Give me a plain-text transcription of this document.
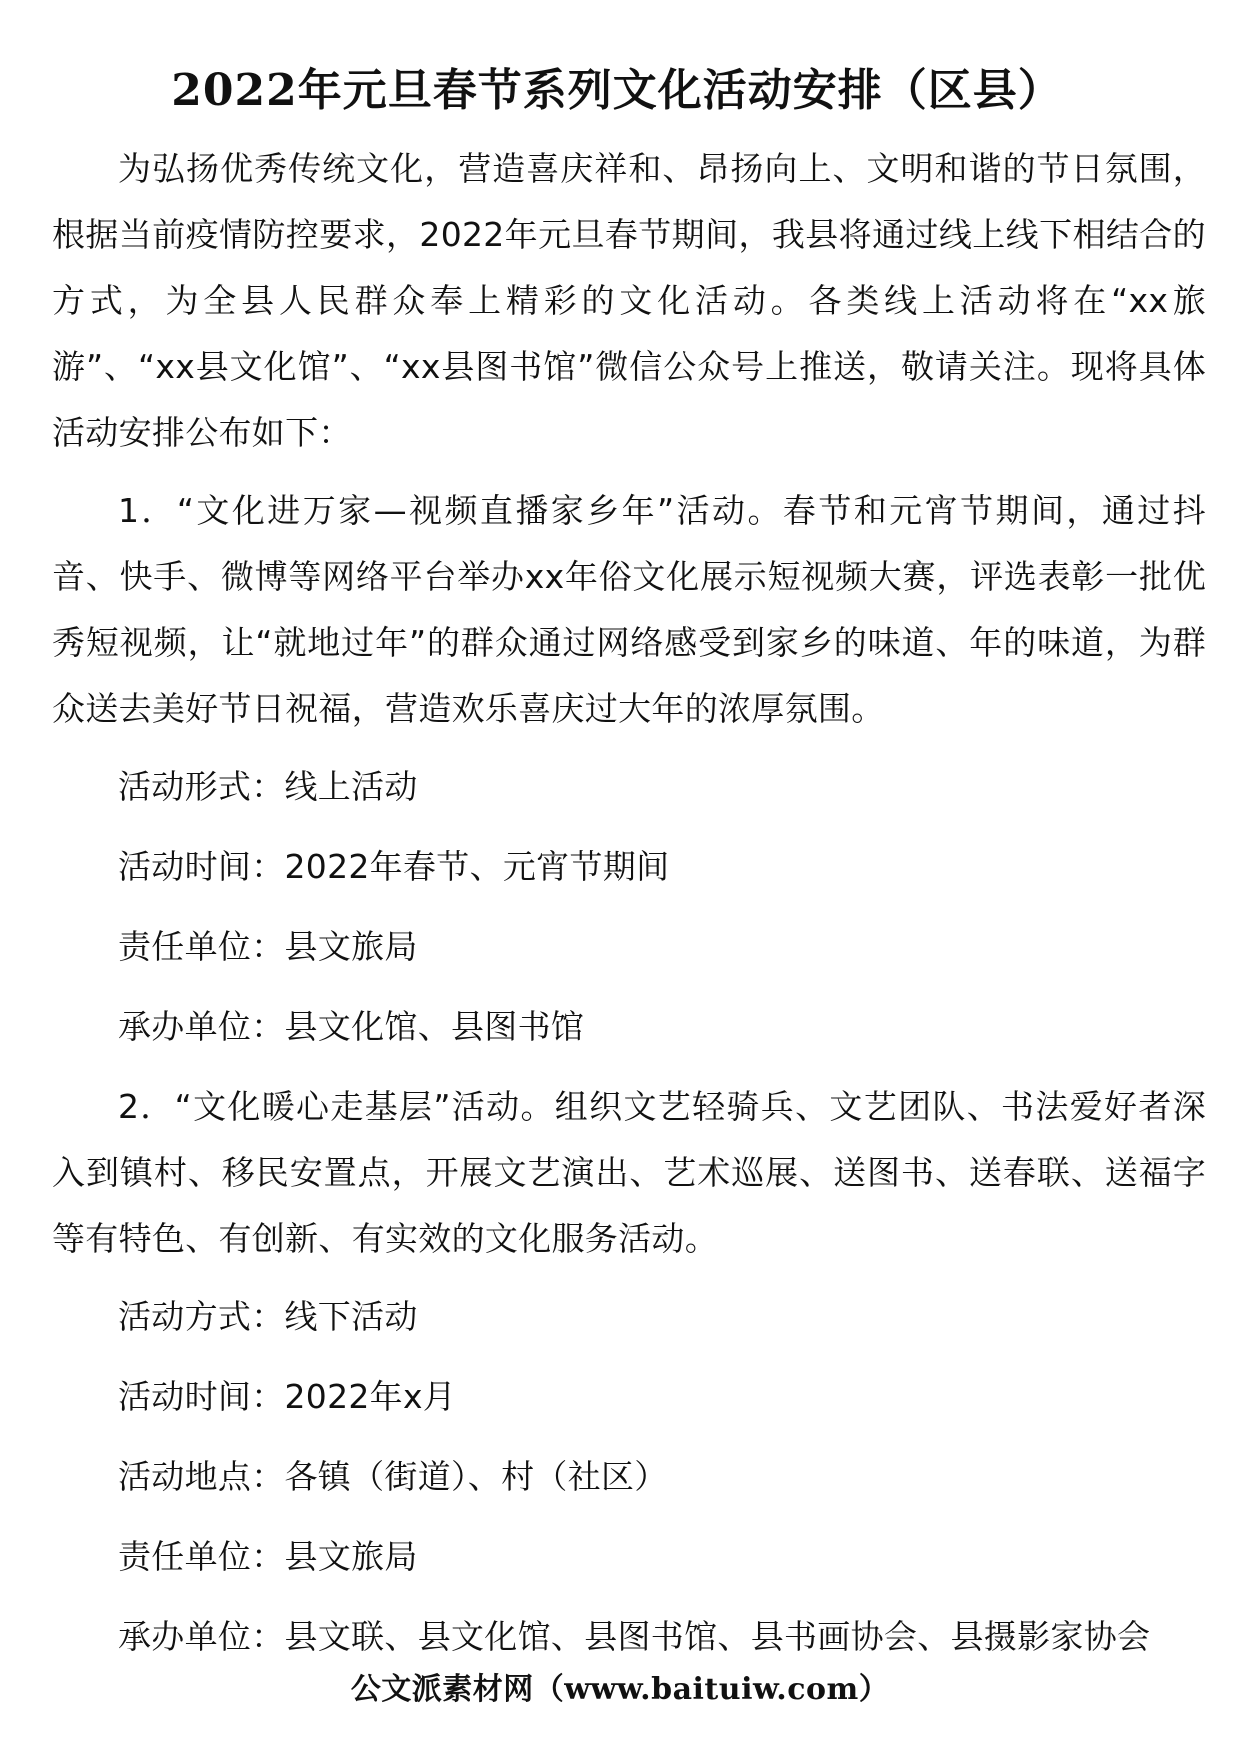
2022年元旦春节系列文化活动安排（区县）

为弘扬优秀传统文化，营造喜庆祥和、昂扬向上、文明和谐的节日氛围，根据当前疫情防控要求，2022年元旦春节期间，我县将通过线上线下相结合的方式，为全县人民群众奉上精彩的文化活动。各类线上活动将在“xx旅游”、“xx县文化馆”、“xx县图书馆”微信公众号上推送，敬请关注。现将具体活动安排公布如下：

1．“文化进万家—视频直播家乡年”活动。春节和元宵节期间，通过抖音、快手、微博等网络平台举办xx年俗文化展示短视频大赛，评选表彰一批优秀短视频，让“就地过年”的群众通过网络感受到家乡的味道、年的味道，为群众送去美好节日祝福，营造欢乐喜庆过大年的浓厚氛围。

活动形式：线上活动

活动时间：2022年春节、元宵节期间

责任单位：县文旅局

承办单位：县文化馆、县图书馆

2．“文化暖心走基层”活动。组织文艺轻骑兵、文艺团队、书法爱好者深入到镇村、移民安置点，开展文艺演出、艺术巡展、送图书、送春联、送福字等有特色、有创新、有实效的文化服务活动。

活动方式：线下活动

活动时间：2022年x月

活动地点：各镇（街道）、村（社区）

责任单位：县文旅局

承办单位：县文联、县文化馆、县图书馆、县书画协会、县摄影家协会

公文派素材网（www.baituiw.com）
